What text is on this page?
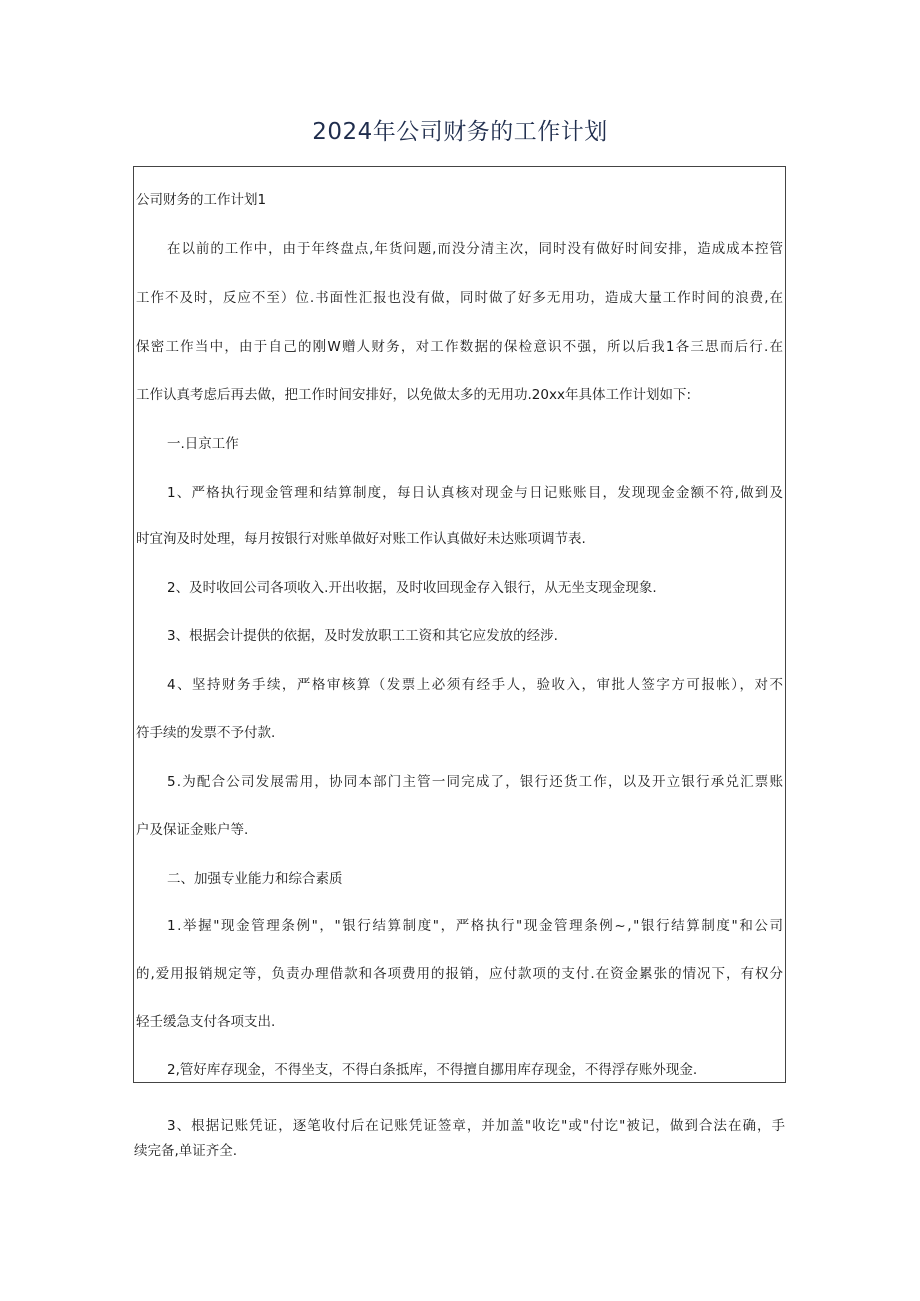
2024年公司财务的工作计划
公司财务的工作计划1
在以前的工作中，由于年终盘点,年货问题,而没分清主次，同时没有做好时间安排，造成成本控管
工作不及时，反应不至）位.书面性汇报也没有做，同时做了好多无用功，造成大量工作时间的浪费,在
保密工作当中，由于自己的刚W赠人财务，对工作数据的保检意识不强，所以后我1各三思而后行.在
工作认真考虑后再去做，把工作时间安排好，以免做太多的无用功.20xx年具体工作计划如下:
一.日京工作
1、严格执行现金管理和结算制度，每日认真核对现金与日记账账目，发现现金金额不符,做到及
时宜洵及时处理，每月按银行对账单做好对账工作认真做好未达账项调节表.
2、及时收回公司各项收入.开出收据，及时收回现金存入银行，从无坐支现金现象.
3、根据会计提供的依据，及时发放职工工资和其它应发放的经涉.
4、坚持财务手续，严格审核算（发票上必须有经手人，验收入，审批人签字方可报帐），对不
符手续的发票不予付款.
5.为配合公司发展需用，协同本部门主管一同完成了，银行还货工作，以及开立银行承兑汇票账
户及保证金账户等.
二、加强专业能力和综合素质
1.举握"现金管理条例"，"银行结算制度"，严格执行"现金管理条例~,"银行结算制度"和公司
的,爱用报销规定等，负责办理借款和各项费用的报销，应付款项的支付.在资金累张的情况下，有权分
轻壬缓急支付各项支出.
2,管好库存现金，不得坐支，不得白条抵库，不得擅自挪用库存现金，不得浮存账外现金.
3、根据记账凭证，逐笔收付后在记账凭证签章，并加盖"收讫"或"付讫"被记，做到合法在确，手
续完备,单证齐全.
